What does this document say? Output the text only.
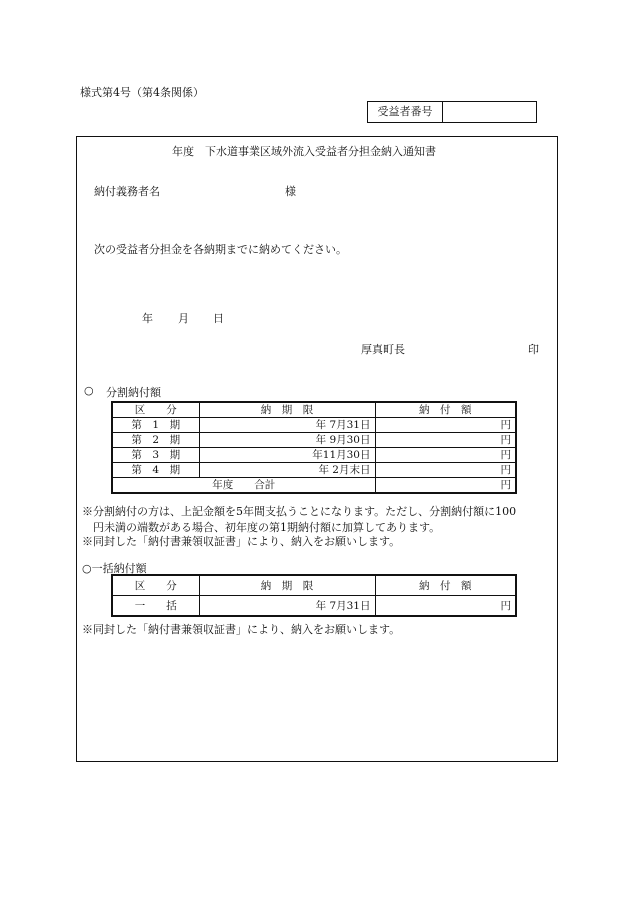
様式第4号（第4条関係）
受益者番号
年度　下水道事業区域外流入受益者分担金納入通知書
納付義務者名	様
次の受益者分担金を各納期までに納めてください。
年 月 日
厚真町長	印
○ 分割納付額
区　　分	納　期　限	納　付　額
第　1　期	年 7月31日	円
第　2　期	年 9月30日	円
第　3　期	年11月30日	円
第　4　期	年 2月末日	円
年度　　合計		円
※分割納付の方は、上記金額を5年間支払うことになります。ただし、分割納付額に100
円未満の端数がある場合、初年度の第1期納付額に加算してあります。
※同封した「納付書兼領収証書」により、納入をお願いします。
○一括納付額
区　　分	納　期　限	納　付　額
一　　括	年 7月31日	円
※同封した「納付書兼領収証書」により、納入をお願いします。
